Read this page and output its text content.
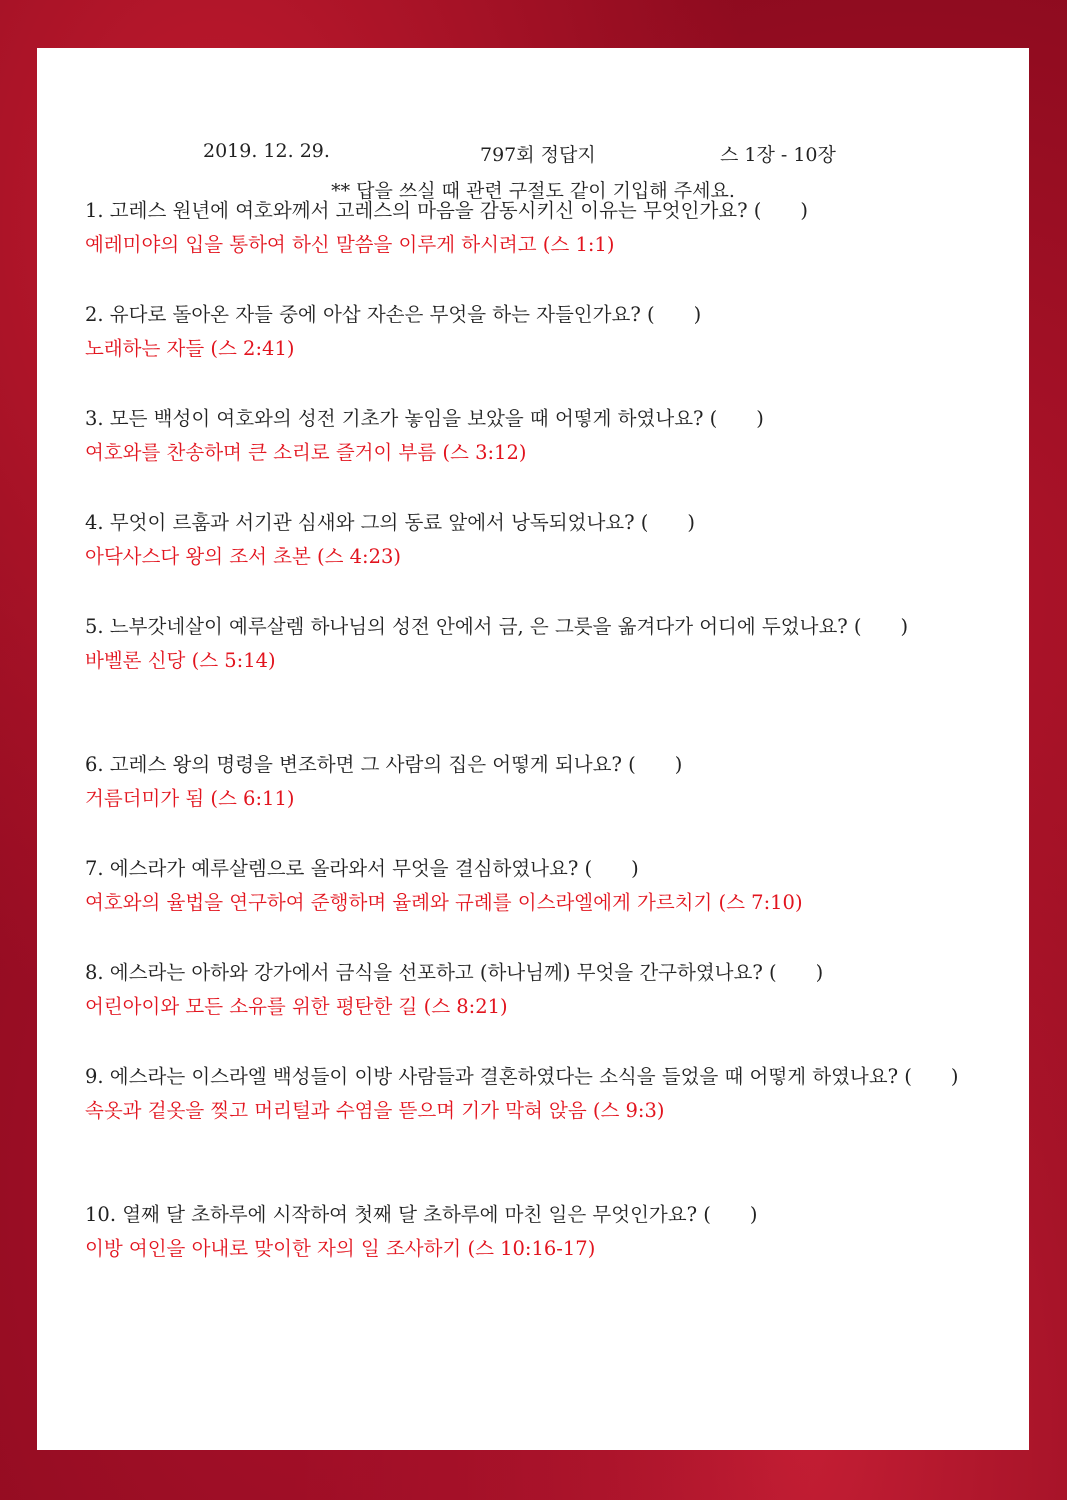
2019. 12. 29.	797회 정답지	스 1장 - 10장
** 답을 쓰실 때 관련 구절도 같이 기입해 주세요.
1. 고레스 원년에 여호와께서 고레스의 마음을 감동시키신 이유는 무엇인가요? (　　)
예레미야의 입을 통하여 하신 말씀을 이루게 하시려고 (스 1:1)
2. 유다로 돌아온 자들 중에 아삽 자손은 무엇을 하는 자들인가요? (　　)
노래하는 자들 (스 2:41)
3. 모든 백성이 여호와의 성전 기초가 놓임을 보았을 때 어떻게 하였나요? (　　)
여호와를 찬송하며 큰 소리로 즐거이 부름 (스 3:12)
4. 무엇이 르훔과 서기관 심새와 그의 동료 앞에서 낭독되었나요? (　　)
아닥사스다 왕의 조서 초본 (스 4:23)
5. 느부갓네살이 예루살렘 하나님의 성전 안에서 금, 은 그릇을 옮겨다가 어디에 두었나요? (　　)
바벨론 신당 (스 5:14)
6. 고레스 왕의 명령을 변조하면 그 사람의 집은 어떻게 되나요? (　　)
거름더미가 됨 (스 6:11)
7. 에스라가 예루살렘으로 올라와서 무엇을 결심하였나요? (　　)
여호와의 율법을 연구하여 준행하며 율례와 규례를 이스라엘에게 가르치기 (스 7:10)
8. 에스라는 아하와 강가에서 금식을 선포하고 (하나님께) 무엇을 간구하였나요? (　　)
어린아이와 모든 소유를 위한 평탄한 길 (스 8:21)
9. 에스라는 이스라엘 백성들이 이방 사람들과 결혼하였다는 소식을 들었을 때 어떻게 하였나요? (　　)
속옷과 겉옷을 찢고 머리털과 수염을 뜯으며 기가 막혀 앉음 (스 9:3)
10. 열째 달 초하루에 시작하여 첫째 달 초하루에 마친 일은 무엇인가요? (　　)
이방 여인을 아내로 맞이한 자의 일 조사하기 (스 10:16-17)
